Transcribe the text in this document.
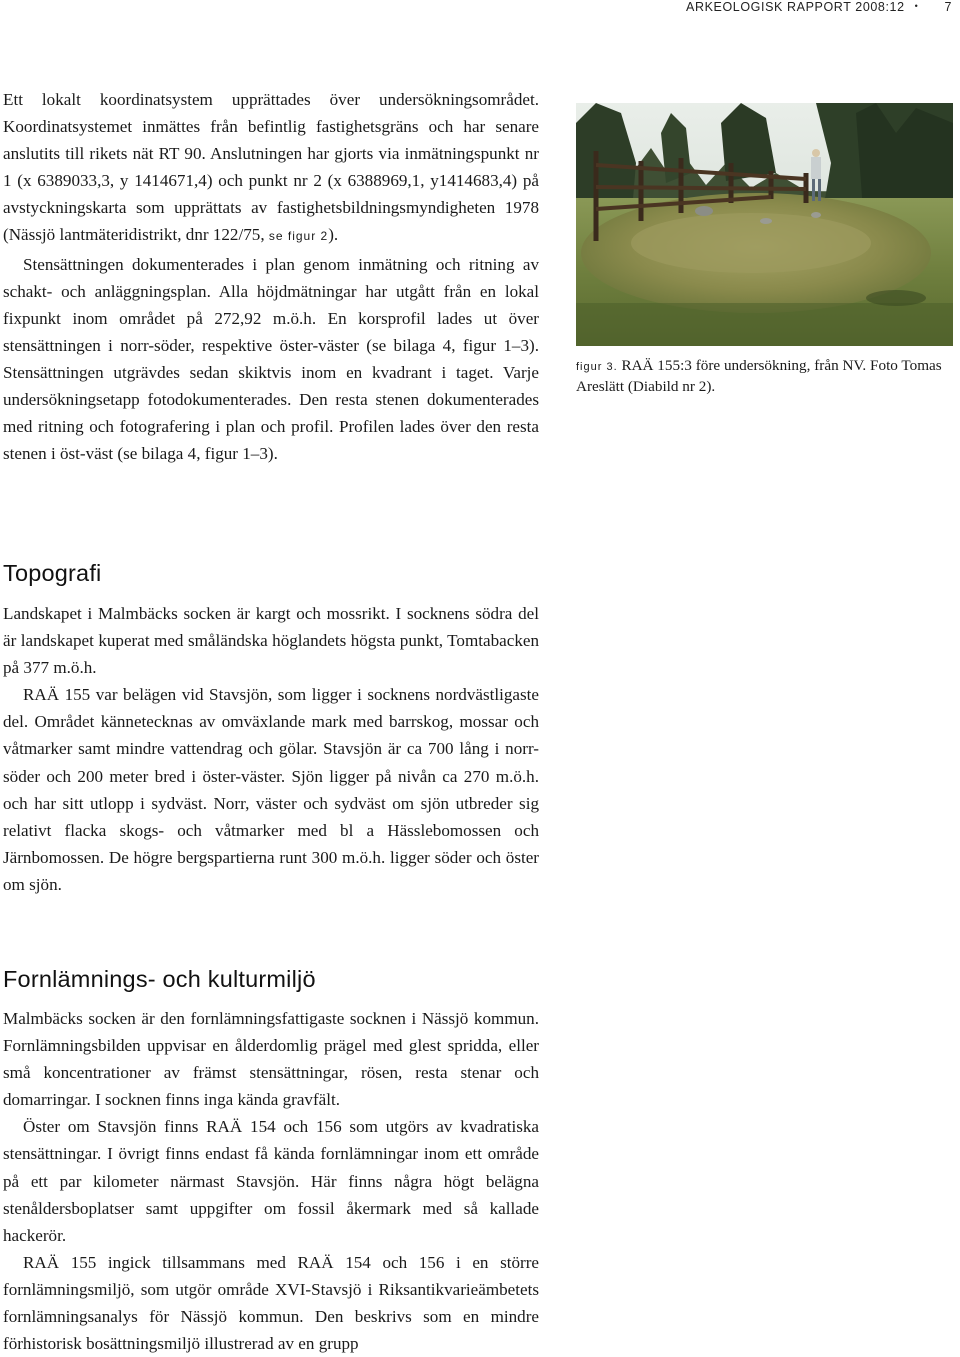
ARKEOLOGISK RAPPORT 2008:12 • 7

Ett lokalt koordinatsystem upprättades över undersökningsområdet. Koordinatsystemet inmättes från befintlig fastighetsgräns och har senare anslutits till rikets nät RT 90. Anslutningen har gjorts via inmätningspunkt nr 1 (x 6389033,3, y 1414671,4) och punkt nr 2 (x 6388969,1, y1414683,4) på avstyckningskarta som upprättats av fastighetsbildningsmyndigheten 1978 (Nässjö lantmäteridistrikt, dnr 122/75, se figur 2).

Stensättningen dokumenterades i plan genom inmätning och ritning av schakt- och anläggningsplan. Alla höjdmätningar har utgått från en lokal fixpunkt inom området på 272,92 m.ö.h. En korsprofil lades ut över stensättningen i norr-söder, respektive öster-väster (se bilaga 4, figur 1–3). Stensättningen utgrävdes sedan skiktvis inom en kvadrant i taget. Varje undersökningsetapp fotodokumenterades. Den resta stenen dokumenterades med ritning och fotografering i plan och profil. Profilen lades över den resta stenen i öst-väst (se bilaga 4, figur 1–3).

figur 3. RAÄ 155:3 före undersökning, från NV. Foto Tomas Areslätt (Diabild nr 2).
Topografi

Landskapet i Malmbäcks socken är kargt och mossrikt. I socknens södra del är landskapet kuperat med småländska höglandets högsta punkt, Tomtabacken på 377 m.ö.h.

RAÄ 155 var belägen vid Stavsjön, som ligger i socknens nordvästligaste del. Området kännetecknas av omväxlande mark med barrskog, mossar och våtmarker samt mindre vattendrag och gölar. Stavsjön är ca 700 lång i norr-söder och 200 meter bred i öster-väster. Sjön ligger på nivån ca 270 m.ö.h. och har sitt utlopp i sydväst. Norr, väster och sydväst om sjön utbreder sig relativt flacka skogs- och våtmarker med bl a Hässlebomossen och Järnbomossen. De högre bergspartierna runt 300 m.ö.h. ligger söder och öster om sjön.

Fornlämnings- och kulturmiljö

Malmbäcks socken är den fornlämningsfattigaste socknen i Nässjö kommun. Fornlämningsbilden uppvisar en ålderdomlig prägel med glest spridda, eller små koncentrationer av främst stensättningar, rösen, resta stenar och domarringar. I socknen finns inga kända gravfält.

Öster om Stavsjön finns RAÄ 154 och 156 som utgörs av kvadratiska stensättningar. I övrigt finns endast få kända fornlämningar inom ett område på ett par kilometer närmast Stavsjön. Här finns några högt belägna stenåldersboplatser samt uppgifter om fossil åkermark med så kallade hackerör.

RAÄ 155 ingick tillsammans med RAÄ 154 och 156 i en större fornlämningsmiljö, som utgör område XVI-Stavsjö i Riksantikvarieämbetets fornlämningsanalys för Nässjö kommun. Den beskrivs som en mindre förhistorisk bosättningsmiljö illustrerad av en grupp
